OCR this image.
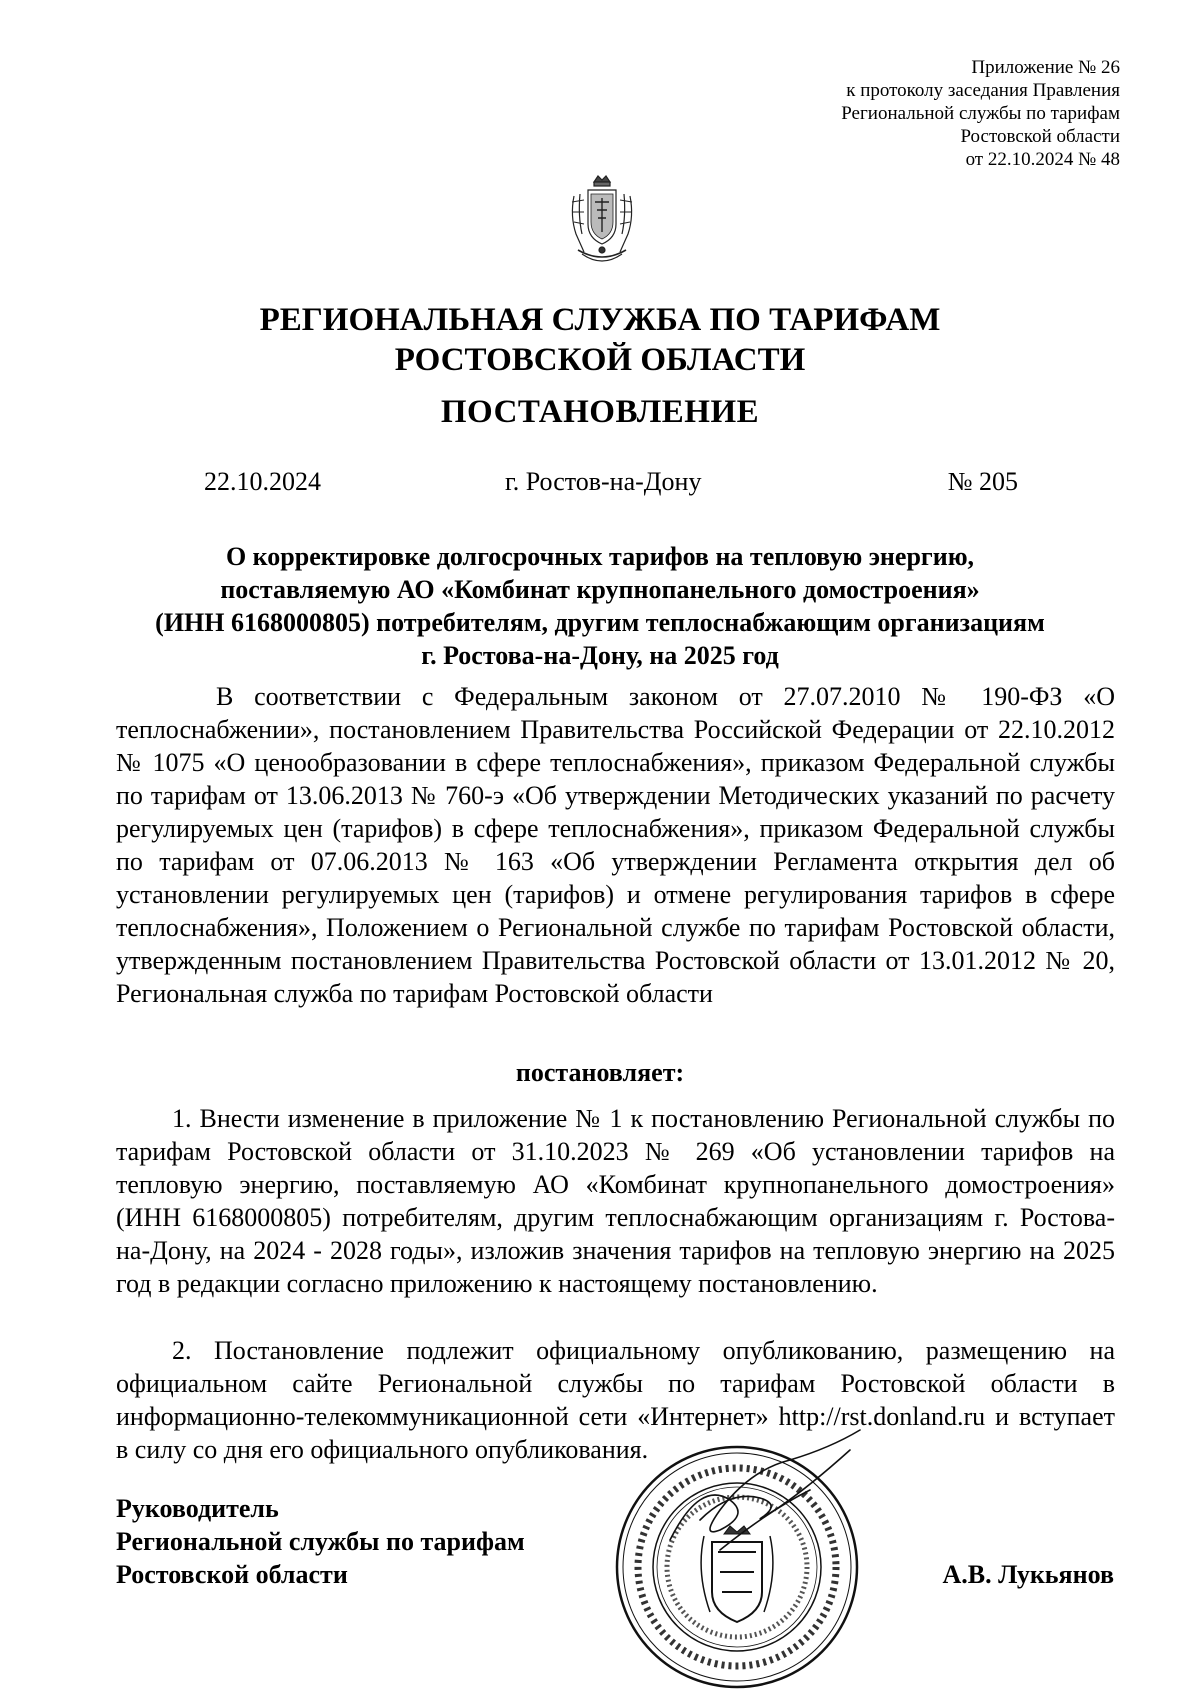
Приложение № 26
к протоколу заседания Правления
Региональной службы по тарифам
Ростовской области
от 22.10.2024 № 48
РЕГИОНАЛЬНАЯ СЛУЖБА ПО ТАРИФАМ
РОСТОВСКОЙ ОБЛАСТИ
ПОСТАНОВЛЕНИЕ
22.10.2024	г. Ростов-на-Дону	№ 205
О корректировке долгосрочных тарифов на тепловую энергию,
поставляемую АО «Комбинат крупнопанельного домостроения»
(ИНН 6168000805) потребителям, другим теплоснабжающим организациям
г. Ростова-на-Дону, на 2025 год
В соответствии с Федеральным законом от 27.07.2010 № 190-ФЗ «О теплоснабжении», постановлением Правительства Российской Федерации от 22.10.2012 № 1075 «О ценообразовании в сфере теплоснабжения», приказом Федеральной службы по тарифам от 13.06.2013 № 760-э «Об утверждении Методических указаний по расчету регулируемых цен (тарифов) в сфере теплоснабжения», приказом Федеральной службы по тарифам от 07.06.2013 № 163 «Об утверждении Регламента открытия дел об установлении регулируемых цен (тарифов) и отмене регулирования тарифов в сфере теплоснабжения», Положением о Региональной службе по тарифам Ростовской области, утвержденным постановлением Правительства Ростовской области от 13.01.2012 № 20, Региональная служба по тарифам Ростовской области
постановляет:
1. Внести изменение в приложение № 1 к постановлению Региональной службы по тарифам Ростовской области от 31.10.2023 № 269 «Об установлении тарифов на тепловую энергию, поставляемую АО «Комбинат крупнопанельного домостроения» (ИНН 6168000805) потребителям, другим теплоснабжающим организациям г. Ростова-на-Дону, на 2024 - 2028 годы», изложив значения тарифов на тепловую энергию на 2025 год в редакции согласно приложению к настоящему постановлению.
2. Постановление подлежит официальному опубликованию, размещению на официальном сайте Региональной службы по тарифам Ростовской области в информационно-телекоммуникационной сети «Интернет» http://rst.donland.ru и вступает в силу со дня его официального опубликования.
Руководитель
Региональной службы по тарифам
Ростовской области	А.В. Лукьянов
